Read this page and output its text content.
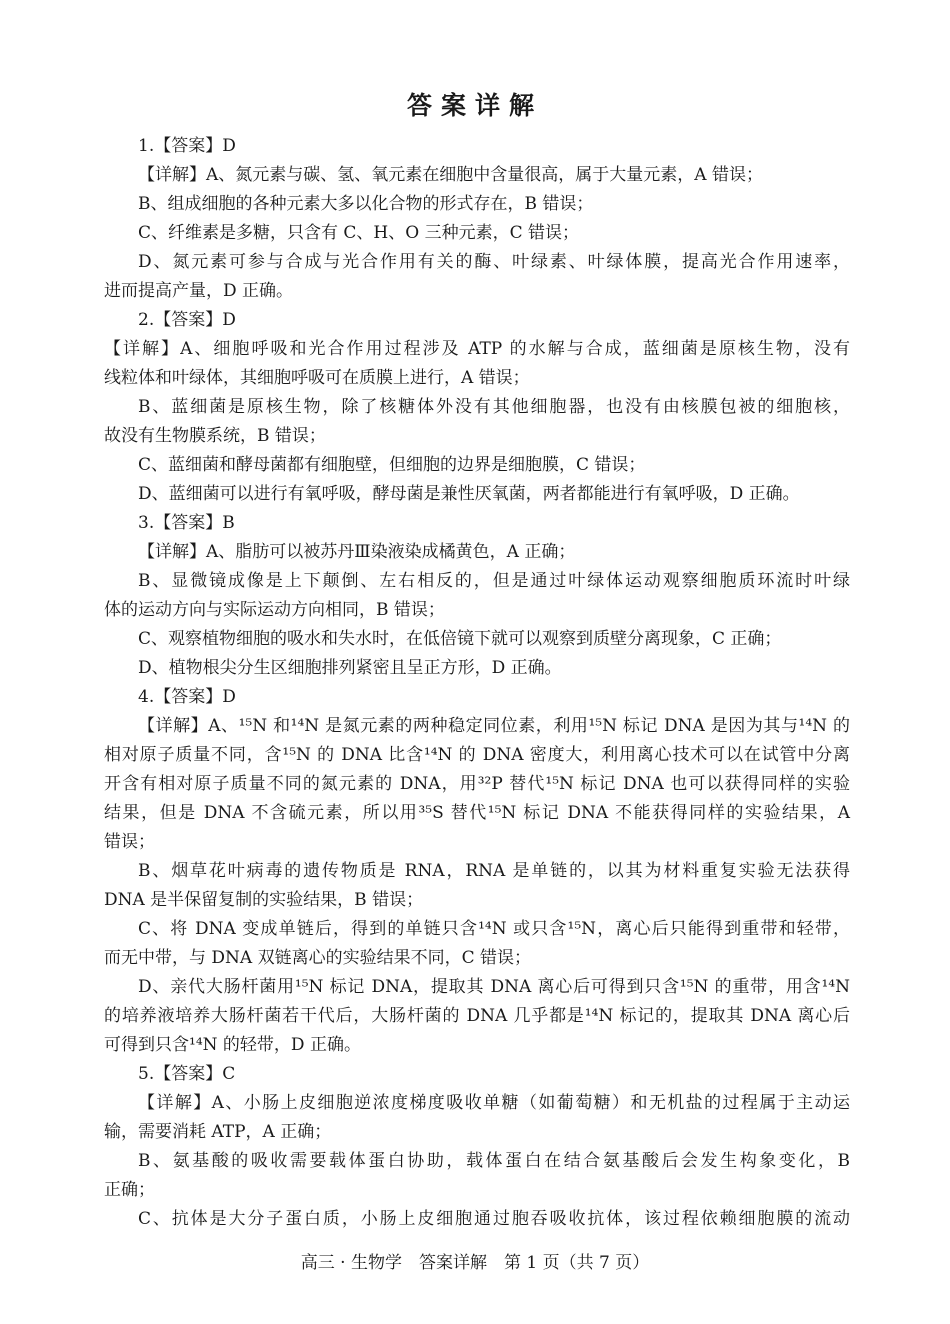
答案详解
1.【答案】D
【详解】A、氮元素与碳、氢、氧元素在细胞中含量很高，属于大量元素，A 错误；
B、组成细胞的各种元素大多以化合物的形式存在，B 错误；
C、纤维素是多糖，只含有 C、H、O 三种元素，C 错误；
D、氮元素可参与合成与光合作用有关的酶、叶绿素、叶绿体膜，提高光合作用速率，
进而提高产量，D 正确。
2.【答案】D
【详解】A、细胞呼吸和光合作用过程涉及 ATP 的水解与合成，蓝细菌是原核生物，没有
线粒体和叶绿体，其细胞呼吸可在质膜上进行，A 错误；
B、蓝细菌是原核生物，除了核糖体外没有其他细胞器，也没有由核膜包被的细胞核，
故没有生物膜系统，B 错误；
C、蓝细菌和酵母菌都有细胞壁，但细胞的边界是细胞膜，C 错误；
D、蓝细菌可以进行有氧呼吸，酵母菌是兼性厌氧菌，两者都能进行有氧呼吸，D 正确。
3.【答案】B
【详解】A、脂肪可以被苏丹Ⅲ染液染成橘黄色，A 正确；
B、显微镜成像是上下颠倒、左右相反的，但是通过叶绿体运动观察细胞质环流时叶绿
体的运动方向与实际运动方向相同，B 错误；
C、观察植物细胞的吸水和失水时，在低倍镜下就可以观察到质壁分离现象，C 正确；
D、植物根尖分生区细胞排列紧密且呈正方形，D 正确。
4.【答案】D
【详解】A、¹⁵N 和¹⁴N 是氮元素的两种稳定同位素，利用¹⁵N 标记 DNA 是因为其与¹⁴N 的
相对原子质量不同，含¹⁵N 的 DNA 比含¹⁴N 的 DNA 密度大，利用离心技术可以在试管中分离
开含有相对原子质量不同的氮元素的 DNA，用³²P 替代¹⁵N 标记 DNA 也可以获得同样的实验
结果，但是 DNA 不含硫元素，所以用³⁵S 替代¹⁵N 标记 DNA 不能获得同样的实验结果，A
错误；
B、烟草花叶病毒的遗传物质是 RNA，RNA 是单链的，以其为材料重复实验无法获得
DNA 是半保留复制的实验结果，B 错误；
C、将 DNA 变成单链后，得到的单链只含¹⁴N 或只含¹⁵N，离心后只能得到重带和轻带，
而无中带，与 DNA 双链离心的实验结果不同，C 错误；
D、亲代大肠杆菌用¹⁵N 标记 DNA，提取其 DNA 离心后可得到只含¹⁵N 的重带，用含¹⁴N
的培养液培养大肠杆菌若干代后，大肠杆菌的 DNA 几乎都是¹⁴N 标记的，提取其 DNA 离心后
可得到只含¹⁴N 的轻带，D 正确。
5.【答案】C
【详解】A、小肠上皮细胞逆浓度梯度吸收单糖（如葡萄糖）和无机盐的过程属于主动运
输，需要消耗 ATP，A 正确；
B、氨基酸的吸收需要载体蛋白协助，载体蛋白在结合氨基酸后会发生构象变化，B
正确；
C、抗体是大分子蛋白质，小肠上皮细胞通过胞吞吸收抗体，该过程依赖细胞膜的流动
高三 · 生物学　答案详解　第 1 页（共 7 页）
